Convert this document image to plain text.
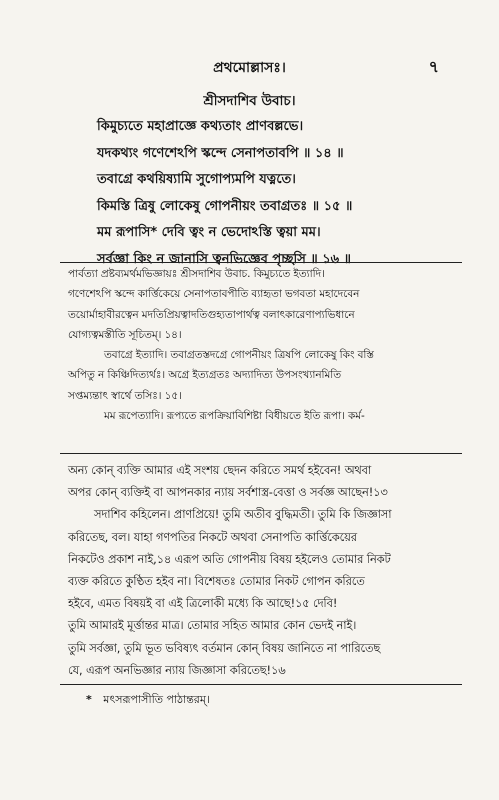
প্রথমোল্লাসঃ।	৭
শ্রীসদাশিব উবাচ।
কিমুচ্যতে মহাপ্রাজ্ঞে কথ্যতাং প্রাণবল্লভে।
যদকথ্যং গণেশেঽপি স্কন্দে সেনাপতাবপি ॥ ১৪ ॥
তবাগ্রে কথয়িষ্যামি সুগোপ্যমপি যত্নতে।
কিমস্তি ত্রিষু লোকেষু গোপনীয়ং তবাগ্রতঃ ॥ ১৫ ॥
মম রূপাসি* দেবি ত্বং ন ভেদোঽস্তি ত্বয়া মম।
সর্বজ্ঞা কিং ন জানাসি ত্বনভিজ্ঞেব পৃচ্ছসি ॥ ১৬ ॥
পার্বত্যা প্রষ্টব্যমর্থমভিজ্ঞায়ঃ শ্রীসদাশিব উবাচ. কিমুচ্যতে ইত্যাদি।
গণেশেঽপি স্কন্দে কার্ত্তিকেয়ে সেনাপতাবপীতি ব্যাহৃতা ভগবতা মহাদেবেন
তয়োর্মাহাবীরত্বেন মদতিপ্রিয়ত্বাদতিগুহ্যতাপার্থত্ব বলাৎকারেণাপ্যভিধানে
যোগ্যত্বমস্তীতি সূচিতম্। ১৪।
তবাগ্রে ইত্যাদি। তবাগ্রতস্তদগ্রে গোপনীয়ং ত্রিষপি লোকেষু কিং বস্তি
অপিতু ন কিঞ্চিদিত্যর্থঃ। অগ্রে ইত্যগ্রতঃ অদ্যাদিত্য উপসংখ্যানমিতি
সপ্তম্যন্তাৎ স্বার্থে তসিঃ। ১৫।
মম রূপেত্যাদি। রূপ্যতে রূপক্রিয়াবিশিষ্টা বিধীয়তে ইতি রূপা। কর্ম-
অন্য কোন্ ব্যক্তি আমার এই সংশয় ছেদন করিতে সমর্থ হইবেন! অথবা
অপর কোন্ ব্যক্তিই বা আপনকার ন্যায় সর্বশাস্ত্র-বেত্তা ও সর্বজ্ঞ আছেন!১৩
সদাশিব কহিলেন। প্রাণপ্রিয়ে! তুমি অতীব বুদ্ধিমতী। তুমি কি জিজ্ঞাসা
করিতেছ, বল। যাহা গণপতির নিকটে অথবা সেনাপতি কার্ত্তিকেয়ের
নিকটেও প্রকাশ নাই,১৪ এরূপ অতি গোপনীয় বিষয় হইলেও তোমার নিকট
ব্যক্ত করিতে কুণ্ঠিত হইব না। বিশেষতঃ তোমার নিকট গোপন করিতে
হইবে, এমত বিষয়ই বা এই ত্রিলোকী মধ্যে কি আছে!১৫ দেবি!
তুমি আমারই মূর্ত্তান্তর মাত্র। তোমার সহিত আমার কোন ভেদই নাই।
তুমি সর্বজ্ঞা, তুমি ভূত ভবিষ্যৎ বর্তমান কোন্ বিষয় জানিতে না পারিতেছ
যে, এরূপ অনভিজ্ঞার ন্যায় জিজ্ঞাসা করিতেছ!১৬
* মৎসরূপাসীতি পাঠান্তরম্।
